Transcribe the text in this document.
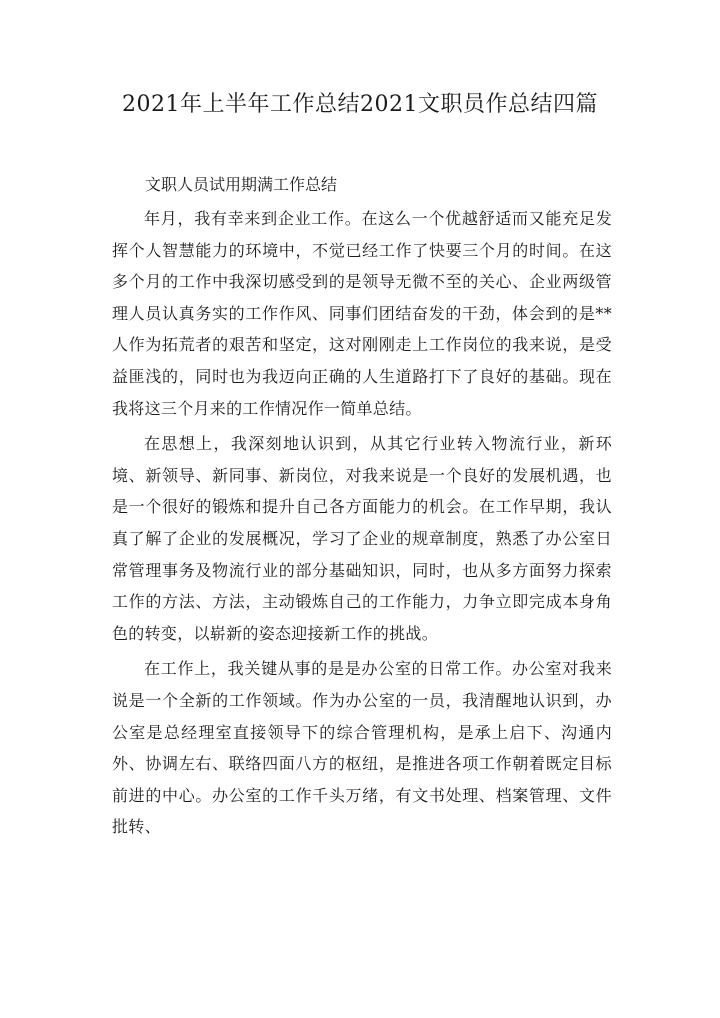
2021年上半年工作总结2021文职员作总结四篇

文职人员试用期满工作总结

年月，我有幸来到企业工作。在这么一个优越舒适而又能充足发挥个人智慧能力的环境中，不觉已经工作了快要三个月的时间。在这多个月的工作中我深切感受到的是领导无微不至的关心、企业两级管理人员认真务实的工作作风、同事们团结奋发的干劲，体会到的是**人作为拓荒者的艰苦和坚定，这对刚刚走上工作岗位的我来说，是受益匪浅的，同时也为我迈向正确的人生道路打下了良好的基础。现在我将这三个月来的工作情况作一简单总结。

在思想上，我深刻地认识到，从其它行业转入物流行业，新环境、新领导、新同事、新岗位，对我来说是一个良好的发展机遇，也是一个很好的锻炼和提升自己各方面能力的机会。在工作早期，我认真了解了企业的发展概况，学习了企业的规章制度，熟悉了办公室日常管理事务及物流行业的部分基础知识，同时，也从多方面努力探索工作的方法、方法，主动锻炼自己的工作能力，力争立即完成本身角色的转变，以崭新的姿态迎接新工作的挑战。

在工作上，我关键从事的是是办公室的日常工作。办公室对我来说是一个全新的工作领域。作为办公室的一员，我清醒地认识到，办公室是总经理室直接领导下的综合管理机构，是承上启下、沟通内外、协调左右、联络四面八方的枢纽，是推进各项工作朝着既定目标前进的中心。办公室的工作千头万绪，有文书处理、档案管理、文件批转、
